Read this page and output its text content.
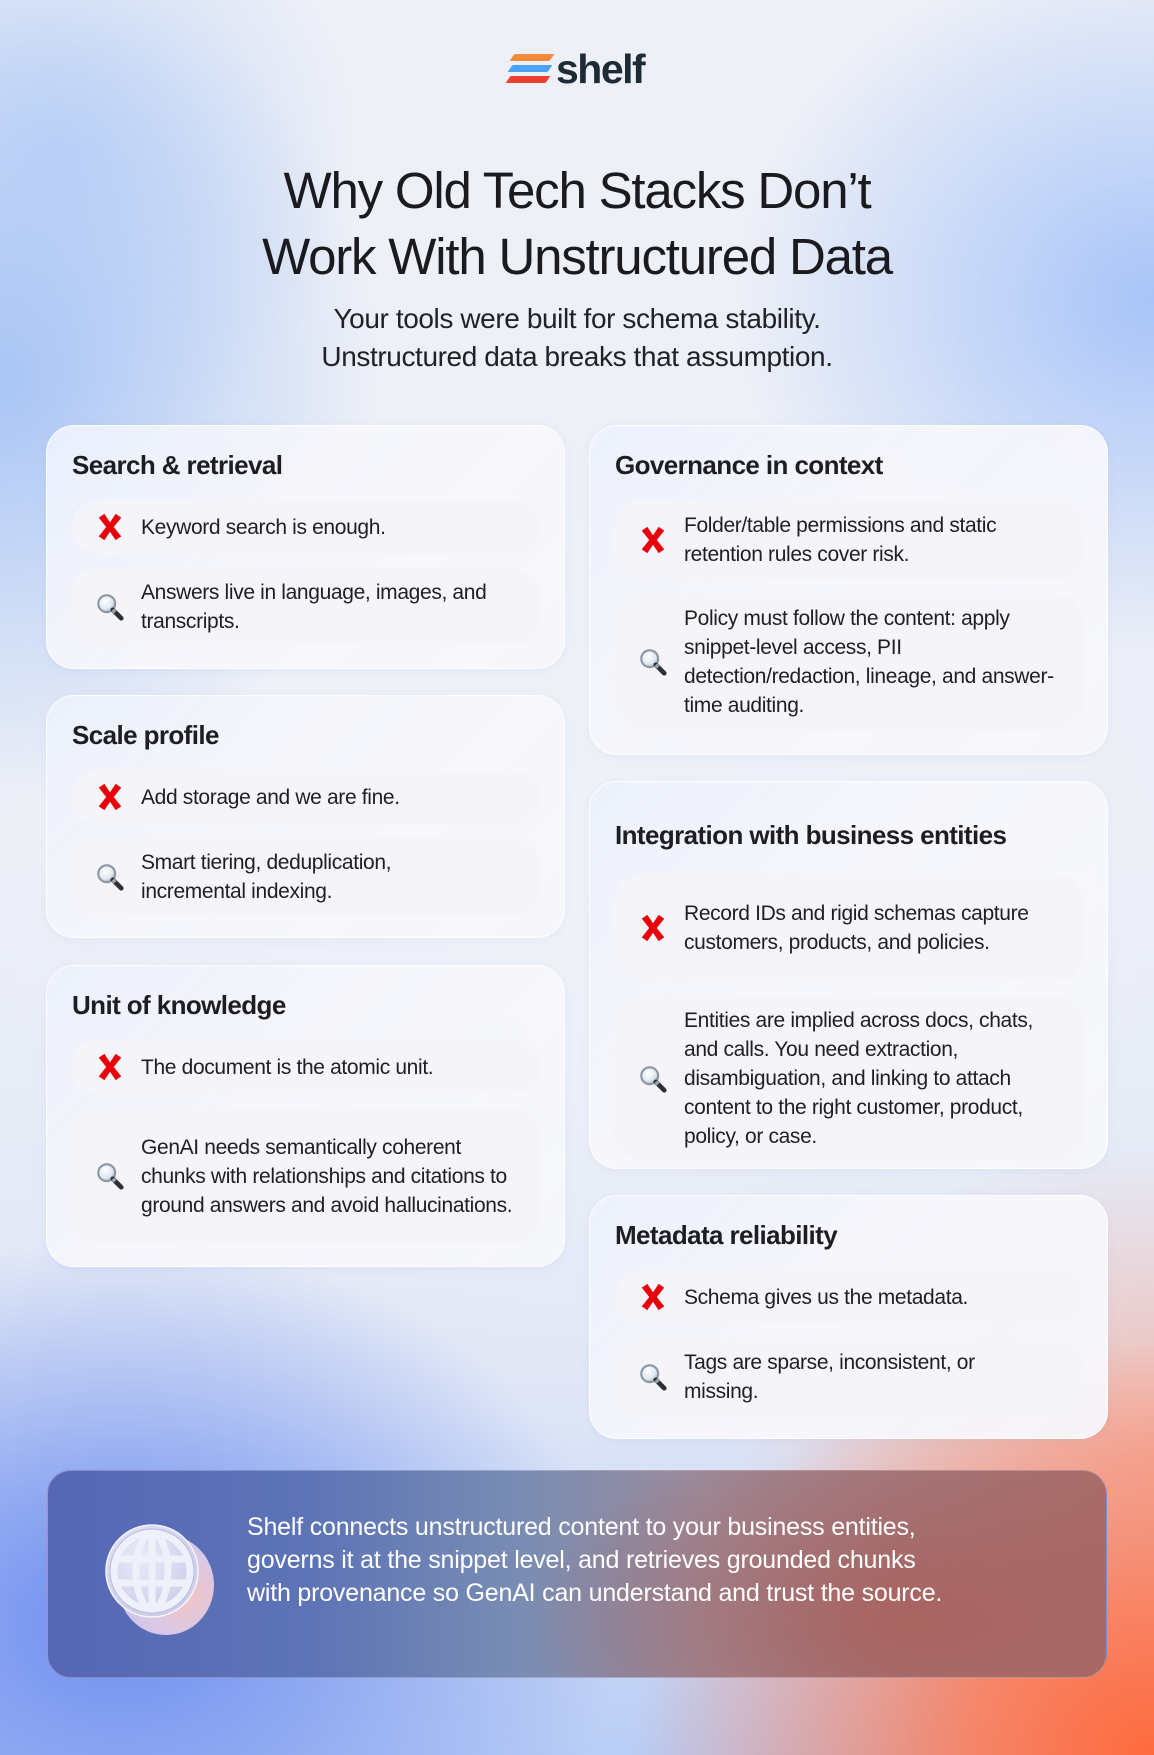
shelf
Why Old Tech Stacks Don’t
Work With Unstructured Data

Your tools were built for schema stability.
Unstructured data breaks that assumption.

Search & retrieval
Keyword search is enough.
Answers live in language, images, and transcripts.
Governance in context
Folder/table permissions and static retention rules cover risk.
Policy must follow the content: apply snippet-level access, PII detection/redaction, lineage, and answer-time auditing.
Scale profile
Add storage and we are fine.
Smart tiering, deduplication, incremental indexing.
Integration with business entities
Record IDs and rigid schemas capture customers, products, and policies.
Entities are implied across docs, chats, and calls. You need extraction, disambiguation, and linking to attach content to the right customer, product, policy, or case.
Unit of knowledge
The document is the atomic unit.
GenAI needs semantically coherent chunks with relationships and citations to ground answers and avoid hallucinations.
Metadata reliability
Schema gives us the metadata.
Tags are sparse, inconsistent, or missing.

Shelf connects unstructured content to your business entities, governs it at the snippet level, and retrieves grounded chunks with provenance so GenAI can understand and trust the source.
